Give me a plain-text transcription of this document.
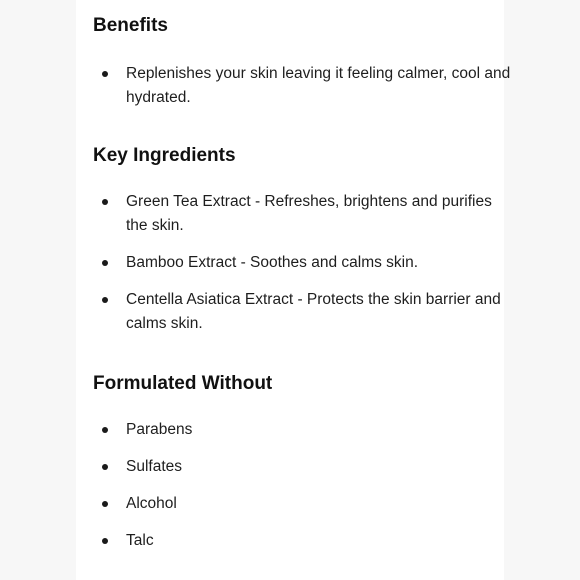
Benefits
Replenishes your skin leaving it feeling calmer, cool and hydrated.
Key Ingredients
Green Tea Extract - Refreshes, brightens and purifies the skin.
Bamboo Extract - Soothes and calms skin.
Centella Asiatica Extract - Protects the skin barrier and calms skin.
Formulated Without
Parabens
Sulfates
Alcohol
Talc
